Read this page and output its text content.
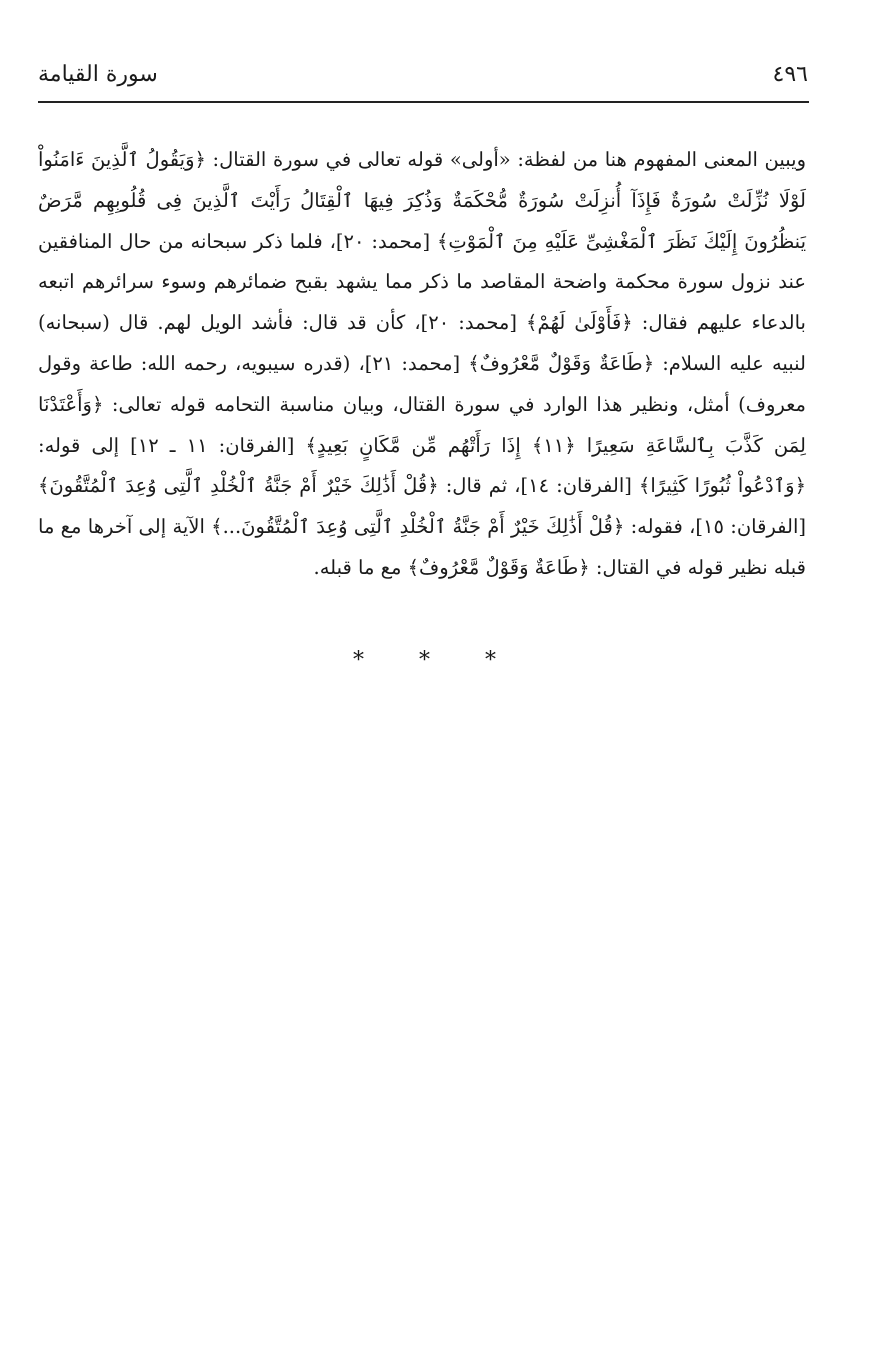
٤٩٦
سورة القيامة

ويبين المعنى المفهوم هنا من لفظة: «أولى» قوله تعالى في سورة القتال: ﴿وَيَقُولُ ٱلَّذِينَ ءَامَنُواْ لَوْلَا نُزِّلَتْ سُورَةٌ فَإِذَآ أُنزِلَتْ سُورَةٌ مُّحْكَمَةٌ وَذُكِرَ فِيهَا ٱلْقِتَالُ رَأَيْتَ ٱلَّذِينَ فِى قُلُوبِهِم مَّرَضٌ يَنظُرُونَ إِلَيْكَ نَظَرَ ٱلْمَغْشِىِّ عَلَيْهِ مِنَ ٱلْمَوْتِ﴾ [محمد: ٢٠]، فلما ذكر سبحانه من حال المنافقين عند نزول سورة محكمة واضحة المقاصد ما ذكر مما يشهد بقبح ضمائرهم وسوء سرائرهم اتبعه بالدعاء عليهم فقال: ﴿فَأَوْلَىٰ لَهُمْ﴾ [محمد: ٢٠]، كأن قد قال: فأشد الويل لهم. قال (سبحانه) لنبيه عليه السلام: ﴿طَاعَةٌ وَقَوْلٌ مَّعْرُوفٌ﴾ [محمد: ٢١]، (قدره سيبويه، رحمه الله: طاعة وقول معروف) أمثل، ونظير هذا الوارد في سورة القتال، وبيان مناسبة التحامه قوله تعالى: ﴿وَأَعْتَدْنَا لِمَن كَذَّبَ بِٱلسَّاعَةِ سَعِيرًا ﴿١١﴾ إِذَا رَأَتْهُم مِّن مَّكَانٍ بَعِيدٍ﴾ [الفرقان: ١١ ـ ١٢] إلى قوله: ﴿وَٱدْعُواْ ثُبُورًا كَثِيرًا﴾ [الفرقان: ١٤]، ثم قال: ﴿قُلْ أَذَٰلِكَ خَيْرٌ أَمْ جَنَّةُ ٱلْخُلْدِ ٱلَّتِى وُعِدَ ٱلْمُتَّقُونَ﴾ [الفرقان: ١٥]، فقوله: ﴿قُلْ أَذَٰلِكَ خَيْرٌ أَمْ جَنَّةُ ٱلْخُلْدِ ٱلَّتِى وُعِدَ ٱلْمُتَّقُونَ...﴾ الآية إلى آخرها مع ما قبله نظير قوله في القتال: ﴿طَاعَةٌ وَقَوْلٌ مَّعْرُوفٌ﴾ مع ما قبله.

* * *
